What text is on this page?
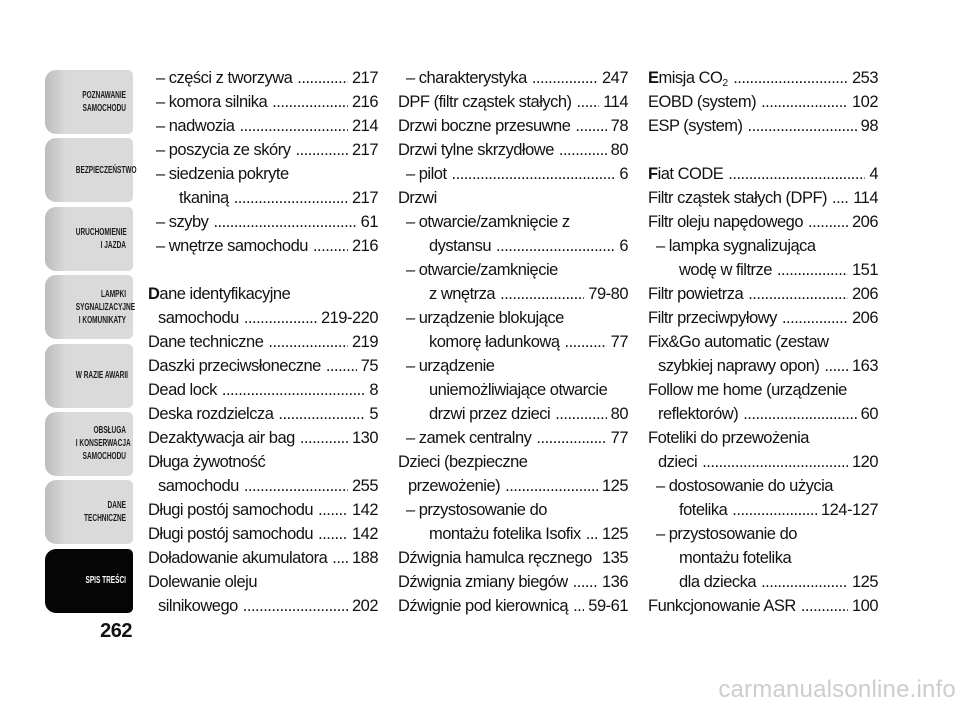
POZNAWANIE
SAMOCHODU
BEZPIECZEŃSTWO
URUCHOMIENIE
I JAZDA
LAMPKI
SYGNALIZACYJNE
I KOMUNIKATY
W RAZIE AWARII
OBSŁUGA
I KONSERWACJA
SAMOCHODU
DANE
TECHNICZNE
SPIS TREŚCI
262
– części z tworzywa .....	217
– komora silnika .....	216
– nadwozia .....	214
– poszycia ze skóry .....	217
– siedzenia pokryte
tkaniną .....	217
– szyby .....	61
– wnętrze samochodu .....	216
Dane identyfikacyjne
samochodu .....	219-220
Dane techniczne .....	219
Daszki przeciwsłoneczne ..... 75
Dead lock .....	8
Deska rozdzielcza .....	5
Dezaktywacja air bag .....	130
Długa żywotność
samochodu .....	255
Długi postój samochodu ..... 142
Długi postój samochodu ..... 142
Doładowanie akumulatora ..... 188
Dolewanie oleju
silnikowego .....	202
– charakterystyka .....	247
DPF (filtr cząstek stałych) ..... 114
Drzwi boczne przesuwne ..... 78
Drzwi tylne skrzydłowe .....	80
– pilot .....	6
Drzwi
– otwarcie/zamknięcie z
dystansu .....	6
– otwarcie/zamknięcie
z wnętrza .....	79-80
– urządzenie blokujące
komorę ładunkową .....	77
– urządzenie
uniemożliwiające otwarcie
drzwi przez dzieci .....	80
– zamek centralny .....	77
Dzieci (bezpieczne
przewożenie) .....	125
– przystosowanie do
montażu fotelika Isofix ..... 125
Dźwignia hamulca ręcznego ..... 135
Dźwignia zmiany biegów ..... 136
Dźwignie pod kierownicą ..... 59-61
Emisja $CO_2$ .....	253
EOBD (system) .....	102
ESP (system) .....	98
Fiat CODE .....	4
Filtr cząstek stałych (DPF) ..... 114
Filtr oleju napędowego .....	206
– lampka sygnalizująca
wodę w filtrze .....	151
Filtr powietrza .....	206
Filtr przeciwpyłowy .....	206
Fix&Go automatic (zestaw
szybkiej naprawy opon) ..... 163
Follow me home (urządzenie
reflektorów) .....	60
Foteliki do przewożenia
dzieci .....	120
– dostosowanie do użycia
fotelika .....	124-127
– przystosowanie do
montażu fotelika
dla dziecka .....	125
Funkcjonowanie ASR .....	100
carmanualsonline.info
